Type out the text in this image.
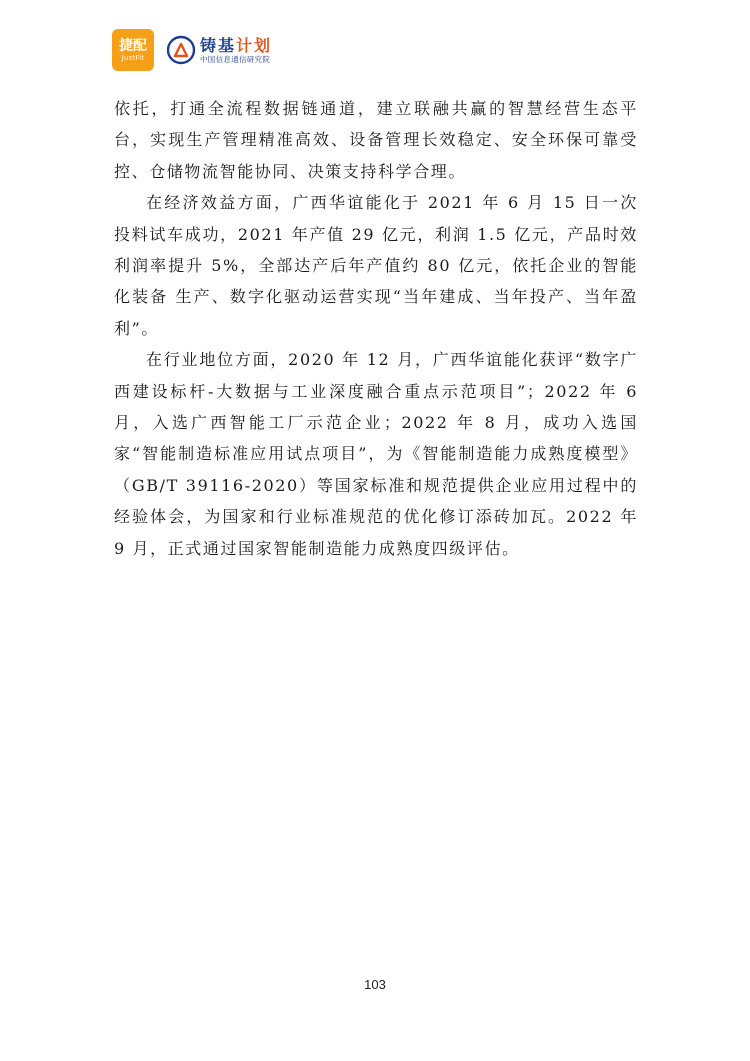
捷配
JustFit
铸基计划
中国信息通信研究院

依托，打通全流程数据链通道，建立联融共赢的智慧经营生态平台，实现生产管理精准高效、设备管理长效稳定、安全环保可靠受控、仓储物流智能协同、决策支持科学合理。

在经济效益方面，广西华谊能化于 2021 年 6 月 15 日一次投料试车成功，2021 年产值 29 亿元，利润 1.5 亿元，产品时效利润率提升 5%，全部达产后年产值约 80 亿元，依托企业的智能化装备 生产、数字化驱动运营实现“当年建成、当年投产、当年盈利”。

在行业地位方面，2020 年 12 月，广西华谊能化获评“数字广西建设标杆-大数据与工业深度融合重点示范项目”；2022 年 6 月，入选广西智能工厂示范企业；2022 年 8 月，成功入选国家“智能制造标准应用试点项目”，为《智能制造能力成熟度模型》（GB/T 39116-2020）等国家标准和规范提供企业应用过程中的经验体会，为国家和行业标准规范的优化修订添砖加瓦。2022 年 9 月，正式通过国家智能制造能力成熟度四级评估。

103
